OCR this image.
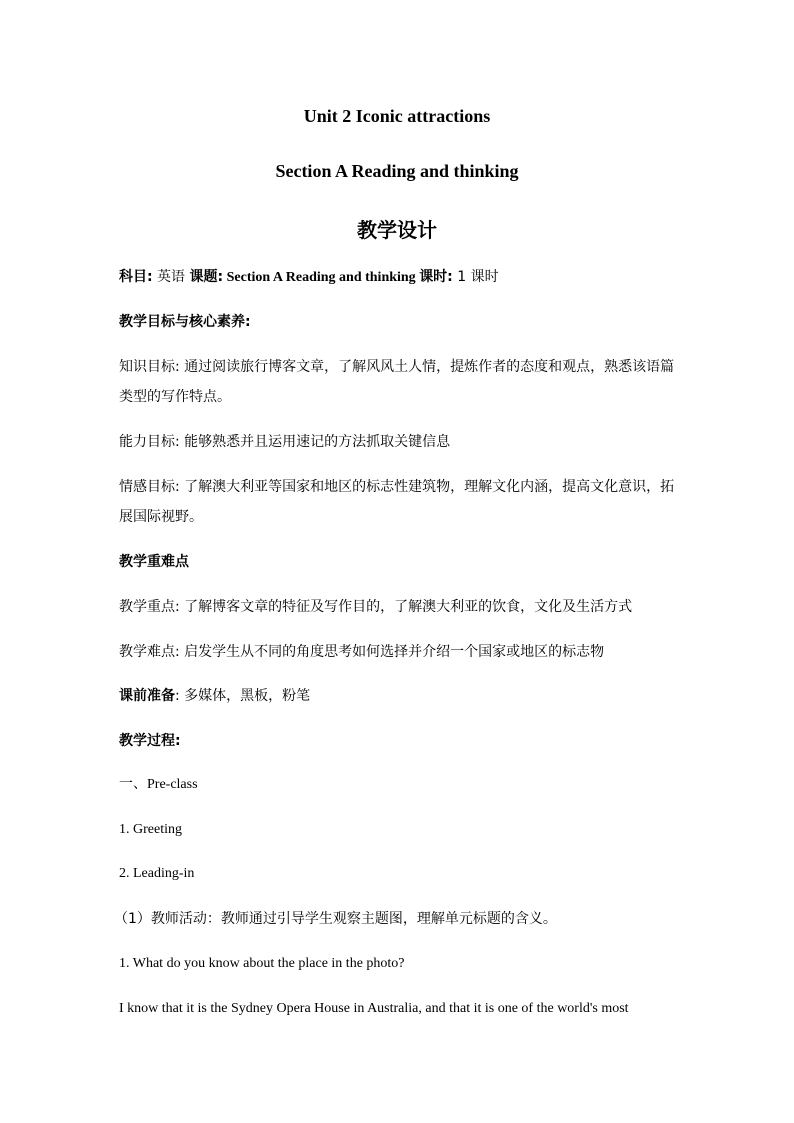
Unit 2 Iconic attractions
Section A Reading and thinking
教学设计
科目: 英语 课题: Section A Reading and thinking 课时: 1 课时
教学目标与核心素养:
知识目标: 通过阅读旅行博客文章，了解风风土人情，提炼作者的态度和观点，熟悉该语篇
类型的写作特点。
能力目标: 能够熟悉并且运用速记的方法抓取关键信息
情感目标: 了解澳大利亚等国家和地区的标志性建筑物，理解文化内涵，提高文化意识，拓
展国际视野。
教学重难点
教学重点: 了解博客文章的特征及写作目的，了解澳大利亚的饮食，文化及生活方式
教学难点: 启发学生从不同的角度思考如何选择并介绍一个国家或地区的标志物
课前准备: 多媒体，黑板，粉笔
教学过程:
一、Pre-class
1. Greeting
2. Leading-in
（1）教师活动：教师通过引导学生观察主题图，理解单元标题的含义。
1. What do you know about the place in the photo?
I know that it is the Sydney Opera House in Australia, and that it is one of the world's most
